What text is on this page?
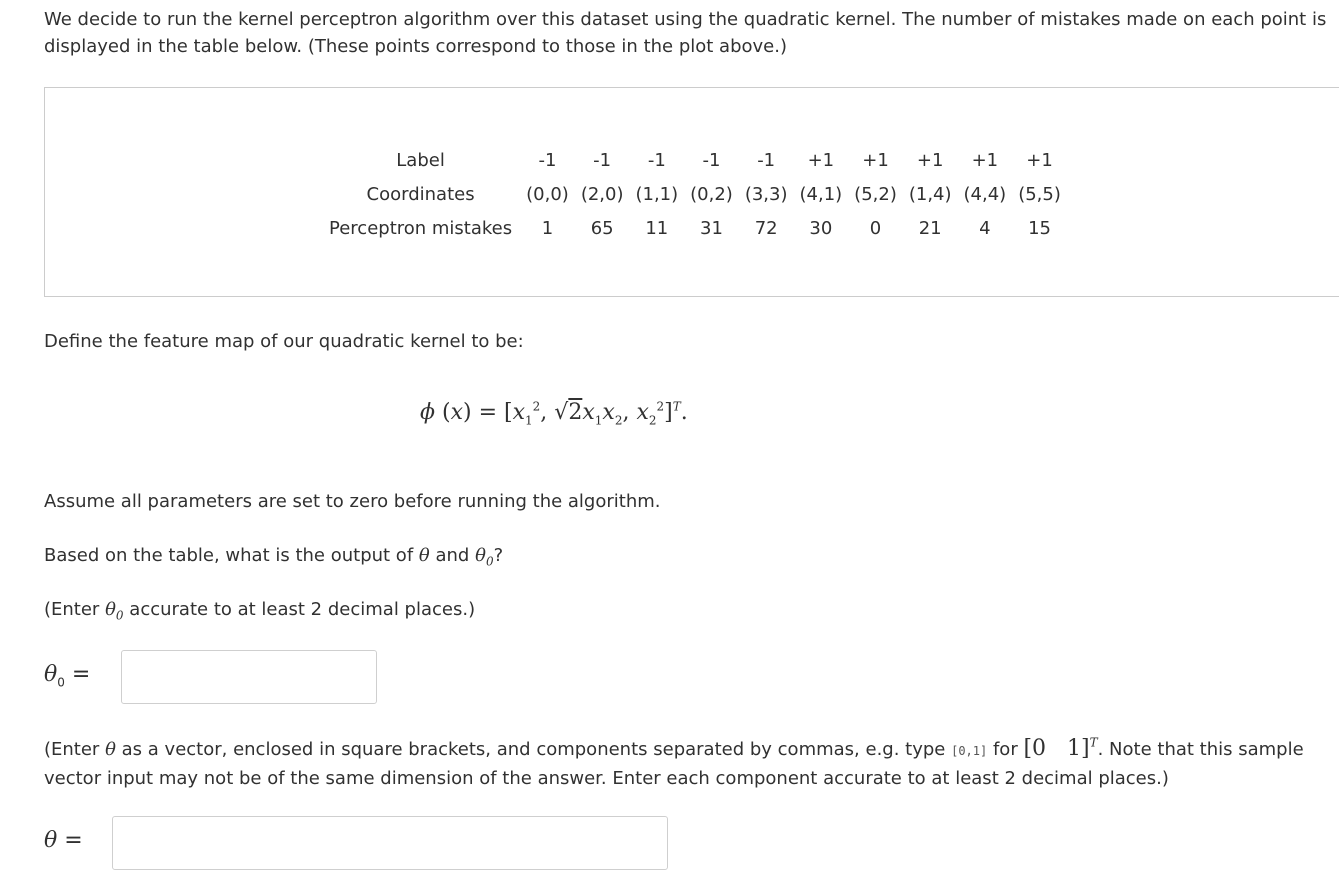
We decide to run the kernel perceptron algorithm over this dataset using the quadratic kernel. The number of mistakes made on each point is displayed in the table below. (These points correspond to those in the plot above.)

Label	-1	-1	-1	-1	-1	+1	+1	+1	+1	+1
Coordinates	(0,0)	(2,0)	(1,1)	(0,2)	(3,3)	(4,1)	(5,2)	(1,4)	(4,4)	(5,5)
Perceptron mistakes	1	65	11	31	72	30	0	21	4	15

Define the feature map of our quadratic kernel to be:

ϕ $(x) = [x_1^2$, $√2x_1x_2$, $x_2^2]^T$.

Assume all parameters are set to zero before running the algorithm.

Based on the table, what is the output of θ and $\theta_0$?

(Enter $\theta_0$ accurate to at least 2 decimal places.)

$\theta_0$ =

(Enter θ as a vector, enclosed in square brackets, and components separated by commas, e.g. type [0,1] for [0   1]$^T$. Note that this sample vector input may not be of the same dimension of the answer. Enter each component accurate to at least 2 decimal places.)

θ =
